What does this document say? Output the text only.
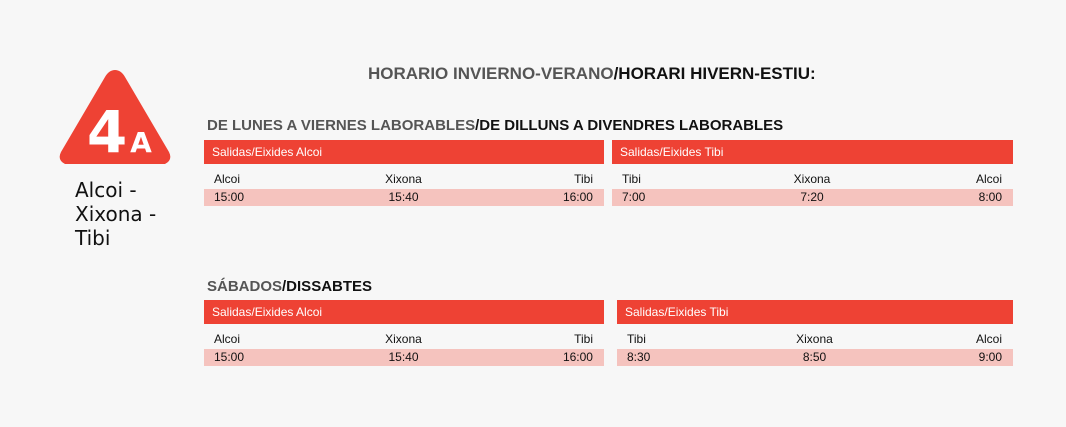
4 A
Alcoi -
Xixona -
Tibi
HORARIO INVIERNO-VERANO/HORARI HIVERN-ESTIU:
DE LUNES A VIERNES LABORABLES/DE DILLUNS A DIVENDRES LABORABLES
Salidas/Eixides Alcoi
Alcoi	Xixona	Tibi
15:00	15:40	16:00
Salidas/Eixides Tibi
Tibi	Xixona	Alcoi
7:00	7:20	8:00
SÁBADOS/DISSABTES
Salidas/Eixides Alcoi
Alcoi	Xixona	Tibi
15:00	15:40	16:00
Salidas/Eixides Tibi
Tibi	Xixona	Alcoi
8:30	8:50	9:00
